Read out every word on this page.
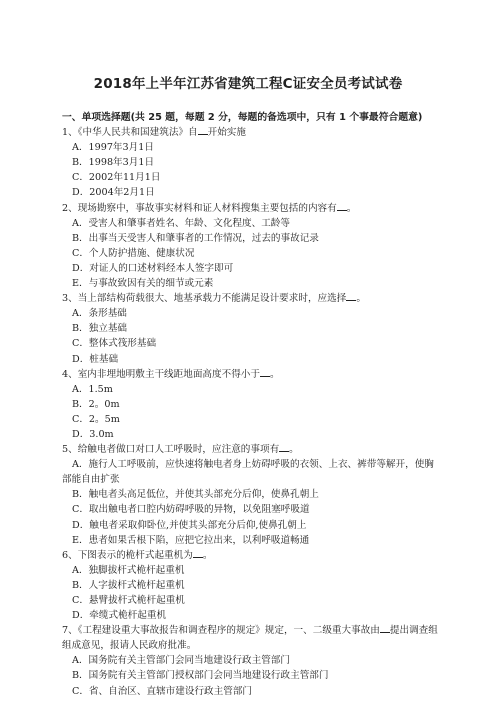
2018年上半年江苏省建筑工程C证安全员考试试卷
一、单项选择题(共 25 题，每题 2 分，每题的备选项中，只有 1 个事最符合题意)
1、《中华人民共和国建筑法》自 开始实施
A．1997年3月1日
B．1998年3月1日
C．2002年11月1日
D．2004年2月1日
2、现场勘察中，事故事实材料和证人材料搜集主要包括的内容有 。
A．受害人和肇事者姓名、年龄、文化程度、工龄等
B．出事当天受害人和肇事者的工作情况，过去的事故记录
C．个人防护措施、健康状况
D．对证人的口述材料经本人签字即可
E．与事故致因有关的细节或元素
3、当上部结构荷载很大、地基承载力不能满足设计要求时，应选择 。
A．条形基础
B．独立基础
C．整体式筏形基础
D．桩基础
4、室内非埋地明敷主干线距地面高度不得小于 。
A．1.5m
B．2。0m
C．2。5m
D．3.0m
5、给触电者做口对口人工呼吸时，应注意的事项有 。
A．施行人工呼吸前，应快速将触电者身上妨碍呼吸的衣领、上衣、裤带等解开，使胸部能自由扩张
B．触电者头高足低位，并使其头部充分后仰，使鼻孔朝上
C．取出触电者口腔内妨碍呼吸的异物，以免阻塞呼吸道
D．触电者采取仰卧位,并使其头部充分后仰,使鼻孔朝上
E．患者如果舌根下陷，应把它拉出来，以利呼吸道畅通
6、下图表示的桅杆式起重机为 。
A．独脚拔杆式桅杆起重机
B．人字拔杆式桅杆起重机
C．悬臂拔杆式桅杆起重机
D．牵缆式桅杆起重机
7、《工程建设重大事故报告和调查程序的规定》规定，一、二级重大事故由 提出调查组组成意见，报请人民政府批准。
A．国务院有关主管部门会同当地建设行政主管部门
B．国务院有关主管部门授权部门会同当地建设行政主管部门
C．省、自治区、直辖市建设行政主管部门
